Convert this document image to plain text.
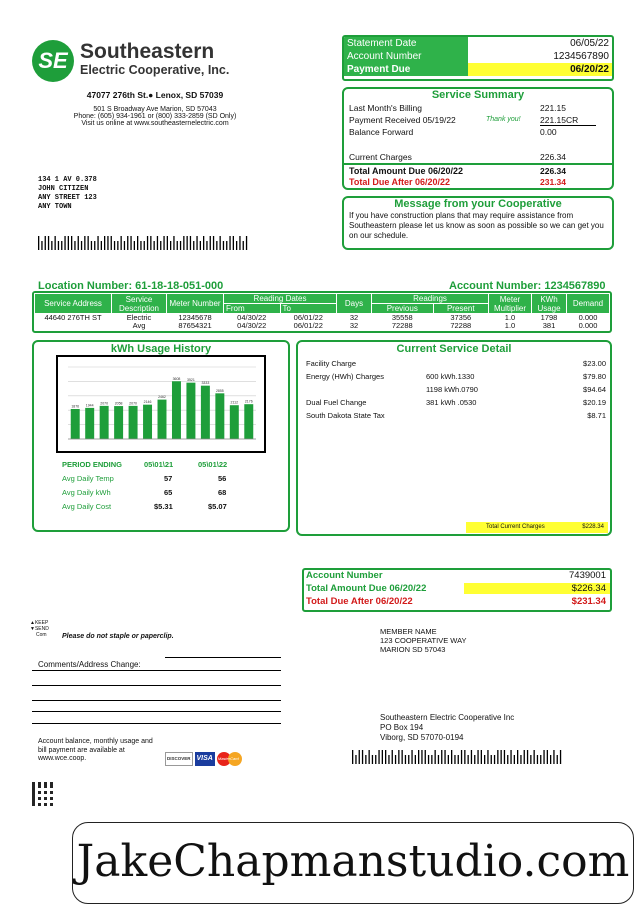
SE Southeastern
Electric Cooperative, Inc.
47077 276th St.● Lenox, SD 57039
501 S Broadway Ave Marion, SD 57043
Phone: (605) 934-1961 or (800) 333-2859 (SD Only)
Visit us online at www.southeasternelectric.com
134 1 AV 0.378
JOHN CITIZEN
ANY STREET 123
ANY TOWN
Statement Date	06/05/22
Account Number	1234567890
Payment Due	06/20/22
Service Summary
Last Month's Billing	221.15
Payment Received 05/19/22	Thank you! 221.15CR
Balance Forward	0.00
Current Charges	226.34
Total Amount Due 06/20/22	226.34
Total Due After 06/20/22	231.34
Message from your Cooperative
If you have construction plans that may require assistance from Southeastern please let us know as soon as possible so we can get you on our schedule.
Location Number: 61-18-18-051-000	Account Number: 1234567890
Service Address	Service Description	Meter Number	Reading Dates		Days	Readings		Meter Multiplier	KWh Usage	Demand
			From	To		Previous	Present			
44640 276TH ST	Electric	12345678	04/30/22	06/01/22	32	35558	37356	1.0	1798	0.000
	Avg	87654321	04/30/22	06/01/22	32	72288	72288	1.0	381	0.000
kWh Usage History
1876 1944
2070 2058 2070 2146
2462
3608 3521
3333
2855
2112 2176
PERIOD ENDING	05\01\21	05\01\22
Avg Daily Temp	57	56
Avg Daily kWh	65	68
Avg Daily Cost	$5.31	$5.07
Current Service Detail
Facility Charge	$23.00
Energy (HWh) Charges	600 kWh.1330	$79.80
1198 kWh.0790	$94.64
Dual Fuel Change	381 kWh .0530	$20.19
South Dakota State Tax	$8.71
Total Current Charges	$228.34
Account Number	7439001
Total Amount Due 06/20/22	$226.34
Total Due After 06/20/22	$231.34
▲KEEP
▼SEND
Com	Please do not staple or paperclip.
MEMBER NAME
123 COOPERATIVE WAY
MARION SD 57043
Comments/Address Change:
Account balance, monthly usage and bill payment are available at www.wce.coop.	DISCOVER VISA	MasterCard
Southeastern Electric Cooperative Inc
PO Box 194
Viborg, SD 57070-0194
JakeChapmanstudio.com
